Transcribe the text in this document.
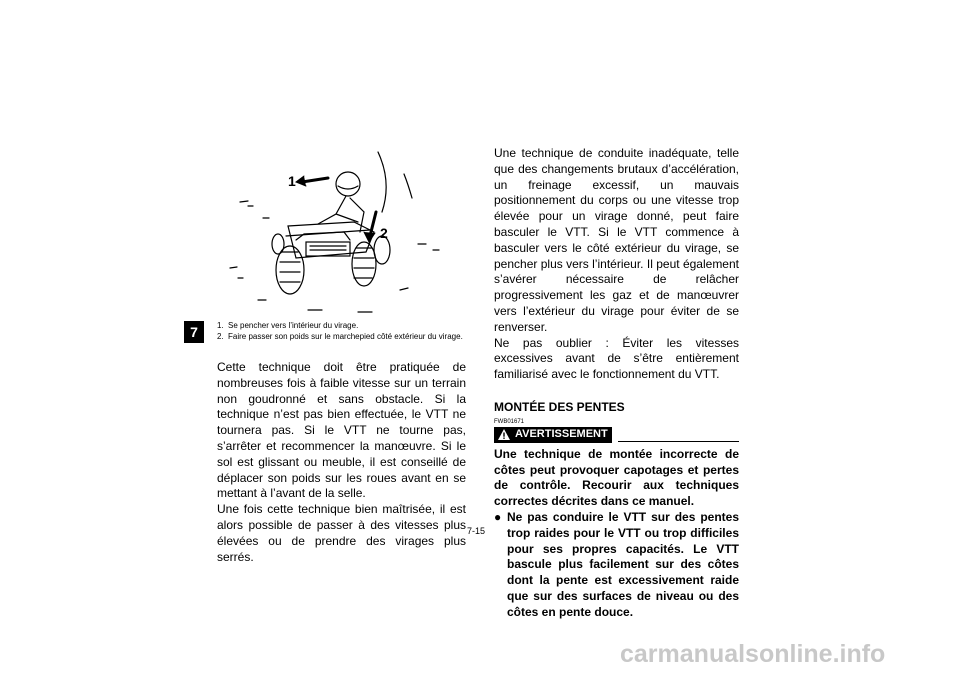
7
1
2
1. Se pencher vers l’intérieur du virage.
2. Faire passer son poids sur le marchepied côté extérieur du virage.

Cette technique doit être pratiquée de nombreuses fois à faible vitesse sur un terrain non goudronné et sans obstacle. Si la technique n’est pas bien effectuée, le VTT ne tournera pas. Si le VTT ne tourne pas, s’arrêter et recommencer la manœuvre. Si le sol est glissant ou meuble, il est conseillé de déplacer son poids sur les roues avant en se mettant à l’avant de la selle.

Une fois cette technique bien maîtrisée, il est alors possible de passer à des vitesses plus élevées ou de prendre des virages plus serrés.

Une technique de conduite inadéquate, telle que des changements brutaux d’accélération, un freinage excessif, un mauvais positionnement du corps ou une vitesse trop élevée pour un virage donné, peut faire basculer le VTT. Si le VTT commence à basculer vers le côté extérieur du virage, se pencher plus vers l’intérieur. Il peut également s’avérer nécessaire de relâcher progressivement les gaz et de manœuvrer vers l’extérieur du virage pour éviter de se renverser.

Ne pas oublier : Éviter les vitesses excessives avant de s’être entièrement familiarisé avec le fonctionnement du VTT.

MONTÉE DES PENTES
FWB01671
AVERTISSEMENT
Une technique de montée incorrecte de côtes peut provoquer capotages et pertes de contrôle. Recourir aux techniques correctes décrites dans ce manuel.
● Ne pas conduire le VTT sur des pentes trop raides pour le VTT ou trop difficiles pour ses propres capacités. Le VTT bascule plus facilement sur des côtes dont la pente est excessivement raide que sur des surfaces de niveau ou des côtes en pente douce.
7-15
carmanualsonline.info
